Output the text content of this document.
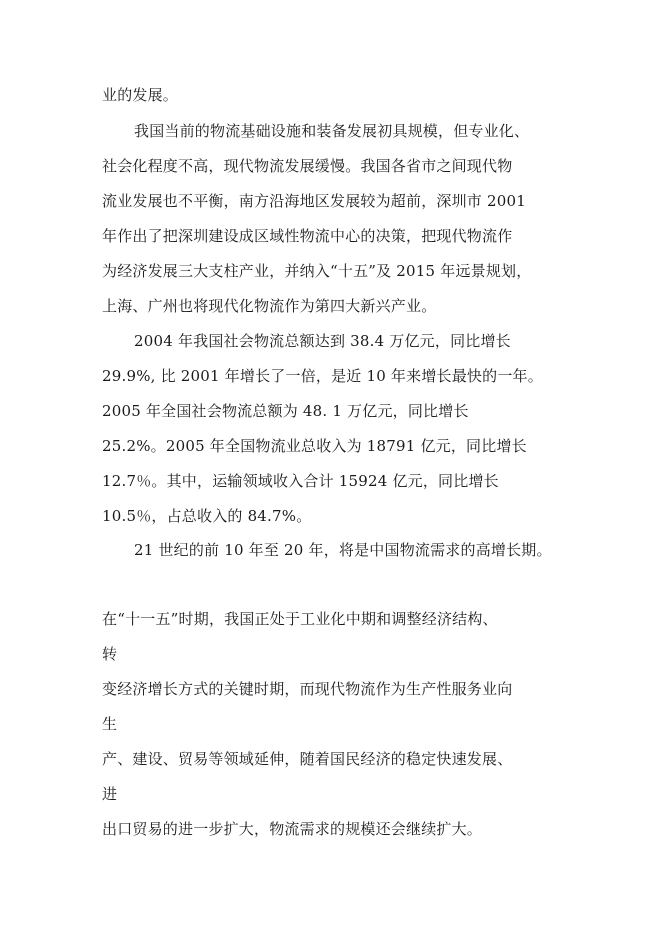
业的发展。
我国当前的物流基础设施和装备发展初具规模，但专业化、
社会化程度不高，现代物流发展缓慢。我国各省市之间现代物
流业发展也不平衡，南方沿海地区发展较为超前，深圳市 2001
年作出了把深圳建设成区域性物流中心的决策，把现代物流作
为经济发展三大支柱产业，并纳入“十五”及 2015 年远景规划，
上海、广州也将现代化物流作为第四大新兴产业。
2004 年我国社会物流总额达到 38.4 万亿元，同比增长
29.9%, 比 2001 年增长了一倍，是近 10 年来增长最快的一年。
2005 年全国社会物流总额为 48. 1 万亿元，同比增长
25.2%。2005 年全国物流业总收入为 18791 亿元，同比增长
12.7％。其中，运输领域收入合计 15924 亿元，同比增长
10.5％，占总收入的 84.7%。
21 世纪的前 10 年至 20 年，将是中国物流需求的高增长期。
在“十一五”时期，我国正处于工业化中期和调整经济结构、
转
变经济增长方式的关键时期，而现代物流作为生产性服务业向
生
产、建设、贸易等领域延伸，随着国民经济的稳定快速发展、
进
出口贸易的进一步扩大，物流需求的规模还会继续扩大。
